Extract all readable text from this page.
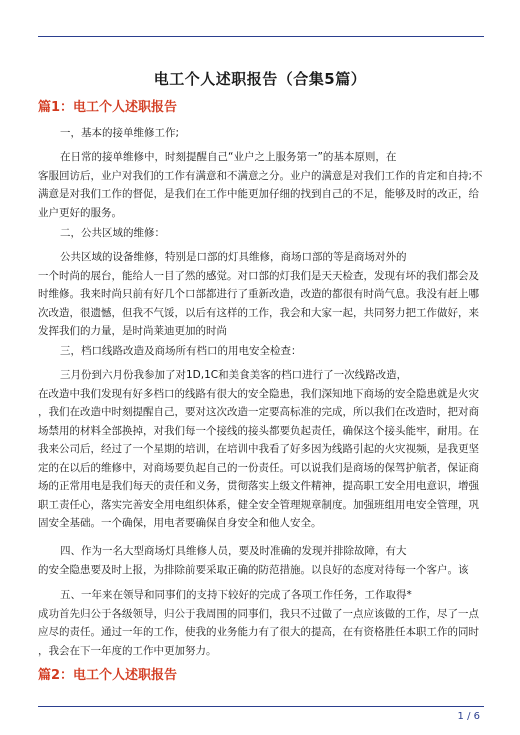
电工个人述职报告（合集5篇）
篇1：电工个人述职报告
一，基本的接单维修工作;
在日常的接单维修中，时刻提醒自己“业户之上服务第一”的基本原则，在
客服回访后，业户对我们的工作有满意和不满意之分。业户的满意是对我们工作的肯定和自持;不
满意是对我们工作的督促，是我们在工作中能更加仔细的找到自己的不足，能够及时的改正，给
业户更好的服务。
二，公共区域的维修：
公共区域的设备维修，特别是口部的灯具维修，商场口部的等是商场对外的
一个时尚的展台，能给人一目了然的感觉。对口部的灯我们是天天检查，发现有坏的我们都会及
时维修。我来时尚只前有好几个口部都进行了重新改造，改造的都很有时尚气息。我没有赶上哪
次改造，很遗憾，但我不气馁，以后有这样的工作，我会和大家一起，共同努力把工作做好，来
发挥我们的力量，是时尚莱迪更加的时尚
三，档口线路改造及商场所有档口的用电安全检查：
三月份到六月份我参加了对1D,1C和美食美客的档口进行了一次线路改造，
在改造中我们发现有好多档口的线路有很大的安全隐患，我们深知地下商场的安全隐患就是火灾
，我们在改造中时刻提醒自己，要对这次改造一定要高标准的完成，所以我们在改造时，把对商
场禁用的材料全部换掉，对我们每一个接线的接头都要负起责任，确保这个接头能牢，耐用。在
我来公司后，经过了一个星期的培训，在培训中我看了好多因为线路引起的火灾视频，是我更坚
定的在以后的维修中，对商场要负起自己的一份责任。可以说我们是商场的保驾护航者，保证商
场的正常用电是我们每天的责任和义务，贯彻落实上级文件精神，提高职工安全用电意识，增强
职工责任心，落实完善安全用电组织体系，健全安全管理规章制度。加强班组用电安全管理，巩
固安全基础。一个确保，用电者要确保自身安全和他人安全。
四、作为一名大型商场灯具维修人员，要及时准确的发现并排除故障，有大
的安全隐患要及时上报，为排除前要采取正确的防范措施。以良好的态度对待每一个客户。该
五、一年来在领导和同事们的支持下较好的完成了各项工作任务，工作取得*
成功首先归公于各级领导，归公于我周围的同事们，我只不过做了一点应该做的工作，尽了一点
应尽的责任。通过一年的工作，使我的业务能力有了很大的提高，在有资格胜任本职工作的同时
，我会在下一年度的工作中更加努力。
篇2：电工个人述职报告
1 / 6
